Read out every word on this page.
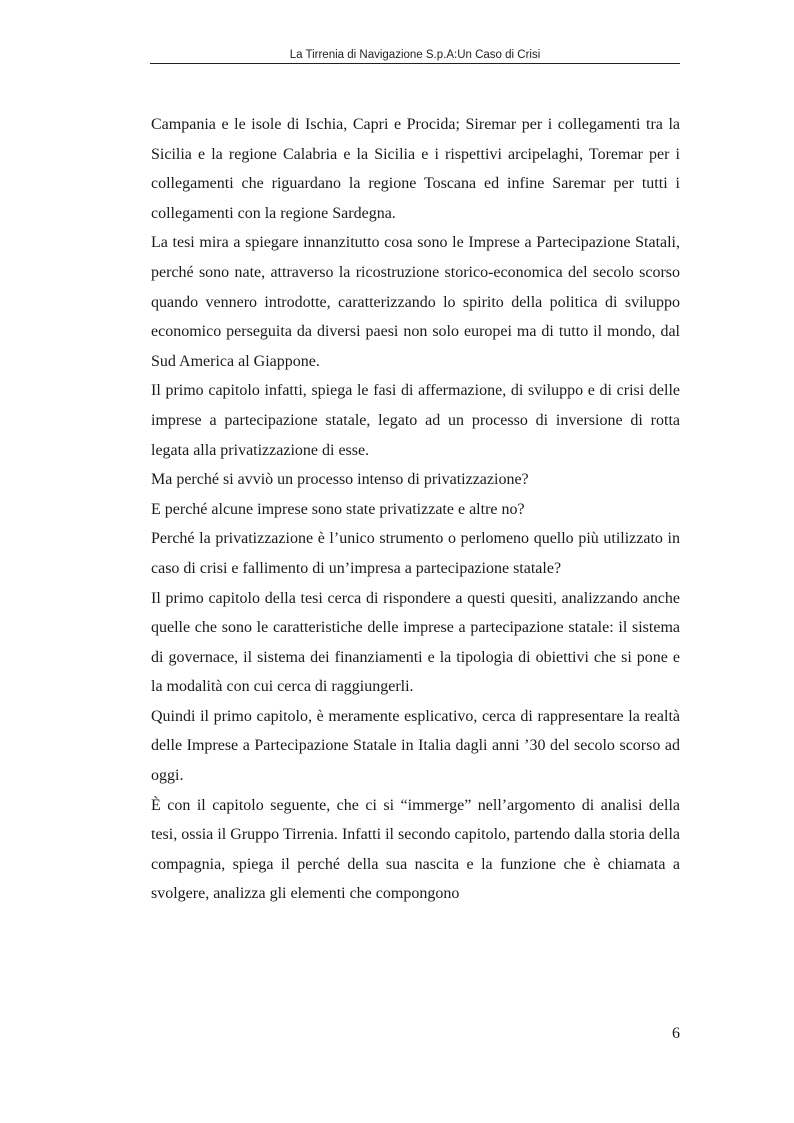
La Tirrenia di Navigazione S.p.A:Un Caso di Crisi

Campania e le isole di Ischia, Capri e Procida; Siremar per i collegamenti tra la Sicilia e la regione Calabria e la Sicilia e i rispettivi arcipelaghi, Toremar per i collegamenti che riguardano la regione Toscana ed infine Saremar per tutti i collegamenti con la regione Sardegna.

La tesi mira a spiegare innanzitutto cosa sono le Imprese a Partecipazione Statali, perché sono nate, attraverso la ricostruzione storico-economica del secolo scorso quando vennero introdotte, caratterizzando lo spirito della politica di sviluppo economico perseguita da diversi paesi non solo europei ma di tutto il mondo, dal Sud America al Giappone.

Il primo capitolo infatti, spiega le fasi di affermazione, di sviluppo e di crisi delle imprese a partecipazione statale, legato ad un processo di inversione di rotta legata alla privatizzazione di esse.

Ma perché si avviò un processo intenso di privatizzazione?

E perché alcune imprese sono state privatizzate e altre no?

Perché la privatizzazione è l’unico strumento o perlomeno quello più utilizzato in caso di crisi e fallimento di un’impresa a partecipazione statale?

Il primo capitolo della tesi cerca di rispondere a questi quesiti, analizzando anche quelle che sono le caratteristiche delle imprese a partecipazione statale: il sistema di governace, il sistema dei finanziamenti e la tipologia di obiettivi che si pone e la modalità con cui cerca di raggiungerli.

Quindi il primo capitolo, è meramente esplicativo, cerca di rappresentare la realtà delle Imprese a Partecipazione Statale in Italia dagli anni ’30 del secolo scorso ad oggi.

È con il capitolo seguente, che ci si “immerge” nell’argomento di analisi della tesi, ossia il Gruppo Tirrenia. Infatti il secondo capitolo, partendo dalla storia della compagnia, spiega il perché della sua nascita e la funzione che è chiamata a svolgere, analizza gli elementi che compongono

6
